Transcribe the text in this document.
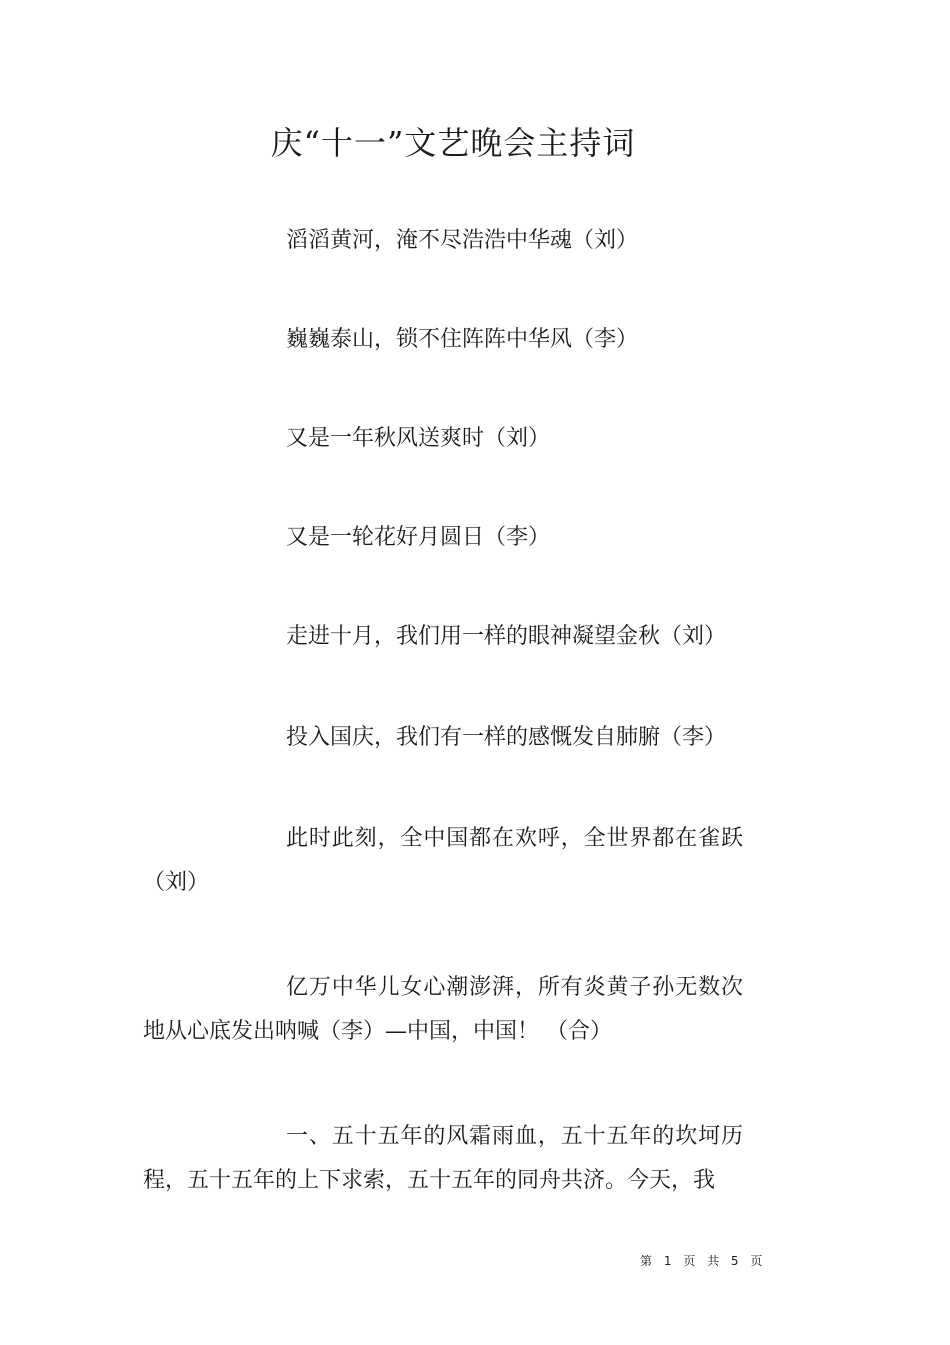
庆“十一”文艺晚会主持词

滔滔黄河，淹不尽浩浩中华魂（刘）

巍巍泰山，锁不住阵阵中华风（李）

又是一年秋风送爽时（刘）

又是一轮花好月圆日（李）

走进十月，我们用一样的眼神凝望金秋（刘）

投入国庆，我们有一样的感慨发自肺腑（李）

此时此刻，全中国都在欢呼，全世界都在雀跃（刘）

亿万中华儿女心潮澎湃，所有炎黄子孙无数次地从心底发出呐喊（李）—中国，中国！ （合）

一、五十五年的风霜雨血，五十五年的坎坷历程，五十五年的上下求索，五十五年的同舟共济。今天，我

第 1 页 共 5 页
